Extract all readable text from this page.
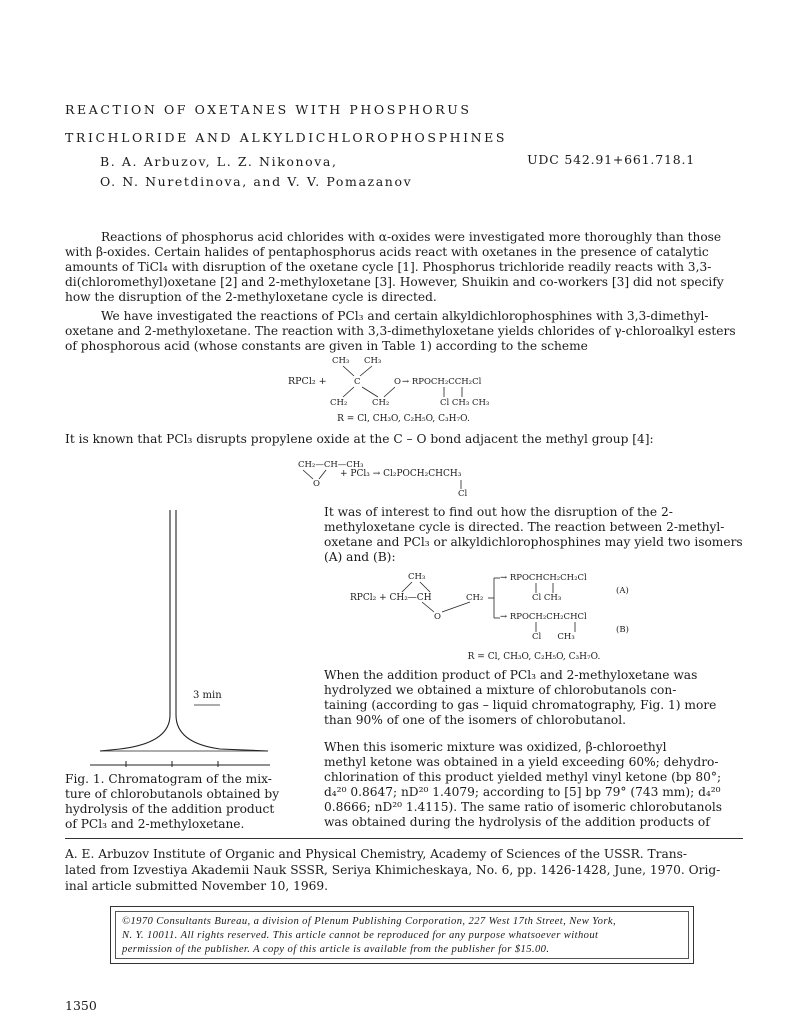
REACTION OF OXETANES WITH PHOSPHORUS
TRICHLORIDE AND ALKYLDICHLOROPHOSPHINES
B. A. Arbuzov, L. Z. Nikonova,
O. N. Nuretdinova, and V. V. Pomazanov
UDC 542.91+661.718.1
Reactions of phosphorus acid chlorides with α-oxides were investigated more thoroughly than those
with β-oxides. Certain halides of pentaphosphorus acids react with oxetanes in the presence of catalytic
amounts of TiCl₄ with disruption of the oxetane cycle [1]. Phosphorus trichloride readily reacts with 3,3-
di(chloromethyl)oxetane [2] and 2-methyloxetane [3]. However, Shuikin and co-workers [3] did not specify
how the disruption of the 2-methyloxetane cycle is directed.
We have investigated the reactions of PCl₃ and certain alkyldichlorophosphines with 3,3-dimethyl-
oxetane and 2-methyloxetane. The reaction with 3,3-dimethyloxetane yields chlorides of γ-chloroalkyl esters
of phosphorous acid (whose constants are given in Table 1) according to the scheme
CH₃ CH₃
RPCl₂ +	C	O → RPOCH₂CCH₂Cl
CH₂	CH₂	Cl CH₃ CH₃
R = Cl, CH₃O, C₂H₅O, C₃H₇O.
It is known that PCl₃ disrupts propylene oxide at the C – O bond adjacent the methyl group [4]:
CH₂—CH—CH₃
O
+ PCl₃ → Cl₂POCH₂CHCH₃
Cl
It was of interest to find out how the disruption of the 2-
methyloxetane cycle is directed. The reaction between 2-methyl-
oxetane and PCl₃ or alkyldichlorophosphines may yield two isomers
(A) and (B):
CH₃
RPCl₂ + CH₂—CH	CH₂
O
→ RPOCHCH₂CH₂Cl
Cl CH₃
(A)
→ RPOCH₂CH₂CHCl
Cl      CH₃
(B)
R = Cl, CH₃O, C₂H₅O, C₃H₇O.
3 min
When the addition product of PCl₃ and 2-methyloxetane was
hydrolyzed we obtained a mixture of chlorobutanols con-
taining (according to gas – liquid chromatography, Fig. 1) more
than 90% of one of the isomers of chlorobutanol.
When this isomeric mixture was oxidized, β-chloroethyl
methyl ketone was obtained in a yield exceeding 60%; dehydro-
chlorination of this product yielded methyl vinyl ketone (bp 80°;
d₄²⁰ 0.8647; nD²⁰ 1.4079; according to [5] bp 79° (743 mm); d₄²⁰
0.8666; nD²⁰ 1.4115). The same ratio of isomeric chlorobutanols
was obtained during the hydrolysis of the addition products of
Fig. 1. Chromatogram of the mix-
ture of chlorobutanols obtained by
hydrolysis of the addition product
of PCl₃ and 2-methyloxetane.
A. E. Arbuzov Institute of Organic and Physical Chemistry, Academy of Sciences of the USSR. Trans-
lated from Izvestiya Akademii Nauk SSSR, Seriya Khimicheskaya, No. 6, pp. 1426-1428, June, 1970. Orig-
inal article submitted November 10, 1969.
©1970 Consultants Bureau, a division of Plenum Publishing Corporation, 227 West 17th Street, New York,
N. Y. 10011. All rights reserved. This article cannot be reproduced for any purpose whatsoever without
permission of the publisher. A copy of this article is available from the publisher for $15.00.
1350
